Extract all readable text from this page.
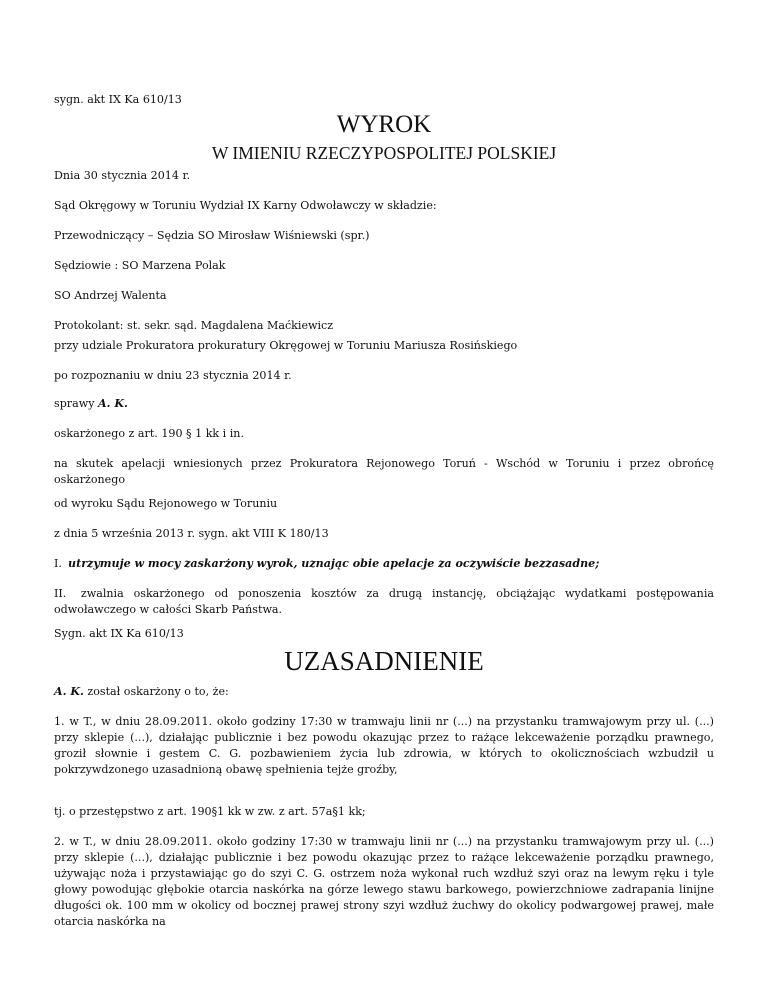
sygn. akt IX Ka 610/13
WYROK
W IMIENIU RZECZYPOSPOLITEJ POLSKIEJ
Dnia 30 stycznia 2014 r.
Sąd Okręgowy w Toruniu Wydział IX Karny Odwoławczy w składzie:
Przewodniczący – Sędzia SO Mirosław Wiśniewski (spr.)
Sędziowie : SO Marzena Polak
SO Andrzej Walenta
Protokolant: st. sekr. sąd. Magdalena Maćkiewicz
przy udziale Prokuratora prokuratury Okręgowej w Toruniu Mariusza Rosińskiego
po rozpoznaniu w dniu 23 stycznia 2014 r.
sprawy A. K.
oskarżonego z art. 190 § 1 kk i in.
na skutek apelacji wniesionych przez Prokuratora Rejonowego Toruń - Wschód w Toruniu i przez obrońcę oskarżonego
od wyroku Sądu Rejonowego w Toruniu
z dnia 5 września 2013 r. sygn. akt VIII K 180/13
I. utrzymuje w mocy zaskarżony wyrok, uznając obie apelacje za oczywiście bezzasadne;
II. zwalnia oskarżonego od ponoszenia kosztów za drugą instancję, obciążając wydatkami postępowania odwoławczego w całości Skarb Państwa.
Sygn. akt IX Ka 610/13
UZASADNIENIE
A. K. został oskarżony o to, że:
1. w T., w dniu 28.09.2011. około godziny 17:30 w tramwaju linii nr (...) na przystanku tramwajowym przy ul. (...) przy sklepie (...), działając publicznie i bez powodu okazując przez to rażące lekceważenie porządku prawnego, groził słownie i gestem C. G. pozbawieniem życia lub zdrowia, w których to okolicznościach wzbudził u pokrzywdzonego uzasadnioną obawę spełnienia tejże groźby,
tj. o przestępstwo z art. 190§1 kk w zw. z art. 57a§1 kk;
2. w T., w dniu 28.09.2011. około godziny 17:30 w tramwaju linii nr (...) na przystanku tramwajowym przy ul. (...) przy sklepie (...), działając publicznie i bez powodu okazując przez to rażące lekceważenie porządku prawnego, używając noża i przystawiając go do szyi C. G. ostrzem noża wykonał ruch wzdłuż szyi oraz na lewym ręku i tyle głowy powodując głębokie otarcia naskórka na górze lewego stawu barkowego, powierzchniowe zadrapania linijne długości ok. 100 mm w okolicy od bocznej prawej strony szyi wzdłuż żuchwy do okolicy podwargowej prawej, małe otarcia naskórka na
